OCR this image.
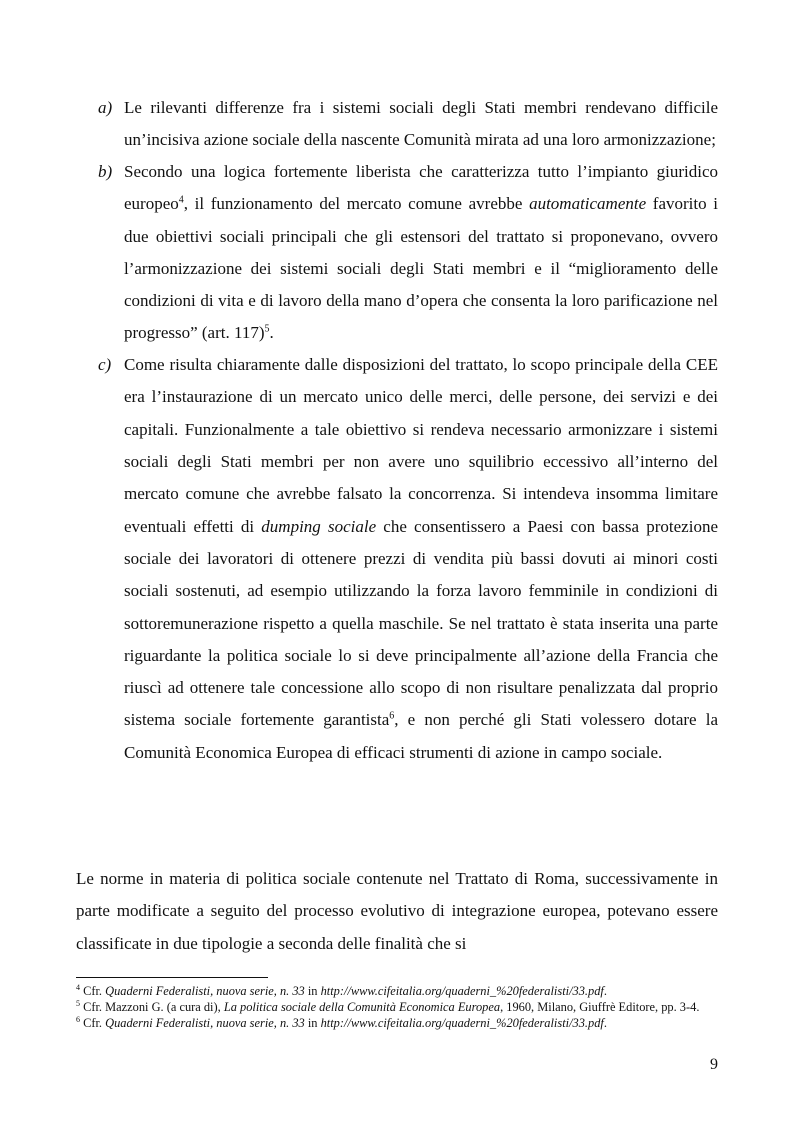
a) Le rilevanti differenze fra i sistemi sociali degli Stati membri rendevano difficile un’incisiva azione sociale della nascente Comunità mirata ad una loro armonizzazione;

b) Secondo una logica fortemente liberista che caratterizza tutto l’impianto giuridico europeo$^4$, il funzionamento del mercato comune avrebbe automaticamente favorito i due obiettivi sociali principali che gli estensori del trattato si proponevano, ovvero l’armonizzazione dei sistemi sociali degli Stati membri e il “miglioramento delle condizioni di vita e di lavoro della mano d’opera che consenta la loro parificazione nel progresso” (art. 117)$^5$.

c) Come risulta chiaramente dalle disposizioni del trattato, lo scopo principale della CEE era l’instaurazione di un mercato unico delle merci, delle persone, dei servizi e dei capitali. Funzionalmente a tale obiettivo si rendeva necessario armonizzare i sistemi sociali degli Stati membri per non avere uno squilibrio eccessivo all’interno del mercato comune che avrebbe falsato la concorrenza. Si intendeva insomma limitare eventuali effetti di dumping sociale che consentissero a Paesi con bassa protezione sociale dei lavoratori di ottenere prezzi di vendita più bassi dovuti ai minori costi sociali sostenuti, ad esempio utilizzando la forza lavoro femminile in condizioni di sottoremunerazione rispetto a quella maschile. Se nel trattato è stata inserita una parte riguardante la politica sociale lo si deve principalmente all’azione della Francia che riuscì ad ottenere tale concessione allo scopo di non risultare penalizzata dal proprio sistema sociale fortemente garantista$^6$, e non perché gli Stati volessero dotare la Comunità Economica Europea di efficaci strumenti di azione in campo sociale.

Le norme in materia di politica sociale contenute nel Trattato di Roma, successivamente in parte modificate a seguito del processo evolutivo di integrazione europea, potevano essere classificate in due tipologie a seconda delle finalità che si

$^4$ Cfr. Quaderni Federalisti, nuova serie, n. 33 in http://www.cifeitalia.org/quaderni_%20federalisti/33.pdf.
$^5$ Cfr. Mazzoni G. (a cura di), La politica sociale della Comunità Economica Europea, 1960, Milano, Giuffrè Editore, pp. 3-4.
$^6$ Cfr. Quaderni Federalisti, nuova serie, n. 33 in http://www.cifeitalia.org/quaderni_%20federalisti/33.pdf.
9
